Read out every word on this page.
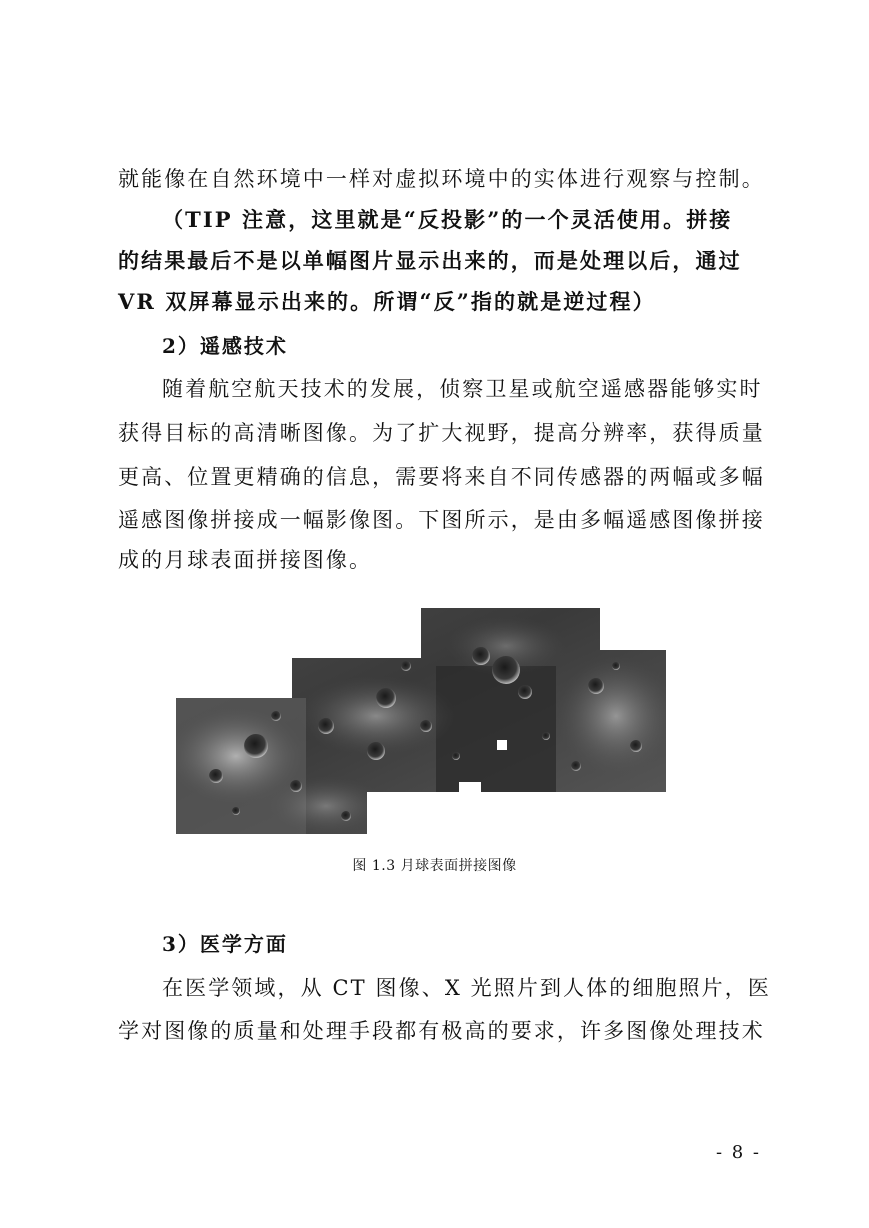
就能像在自然环境中一样对虚拟环境中的实体进行观察与控制。
（TIP 注意，这里就是“反投影”的一个灵活使用。拼接
的结果最后不是以单幅图片显示出来的，而是处理以后，通过
VR 双屏幕显示出来的。所谓“反”指的就是逆过程）
2）遥感技术
随着航空航天技术的发展，侦察卫星或航空遥感器能够实时
获得目标的高清晰图像。为了扩大视野，提高分辨率，获得质量
更高、位置更精确的信息，需要将来自不同传感器的两幅或多幅
遥感图像拼接成一幅影像图。下图所示，是由多幅遥感图像拼接
成的月球表面拼接图像。
图 1.3 月球表面拼接图像
3）医学方面
在医学领域，从 CT 图像、X 光照片到人体的细胞照片，医
学对图像的质量和处理手段都有极高的要求，许多图像处理技术
- 8 -
